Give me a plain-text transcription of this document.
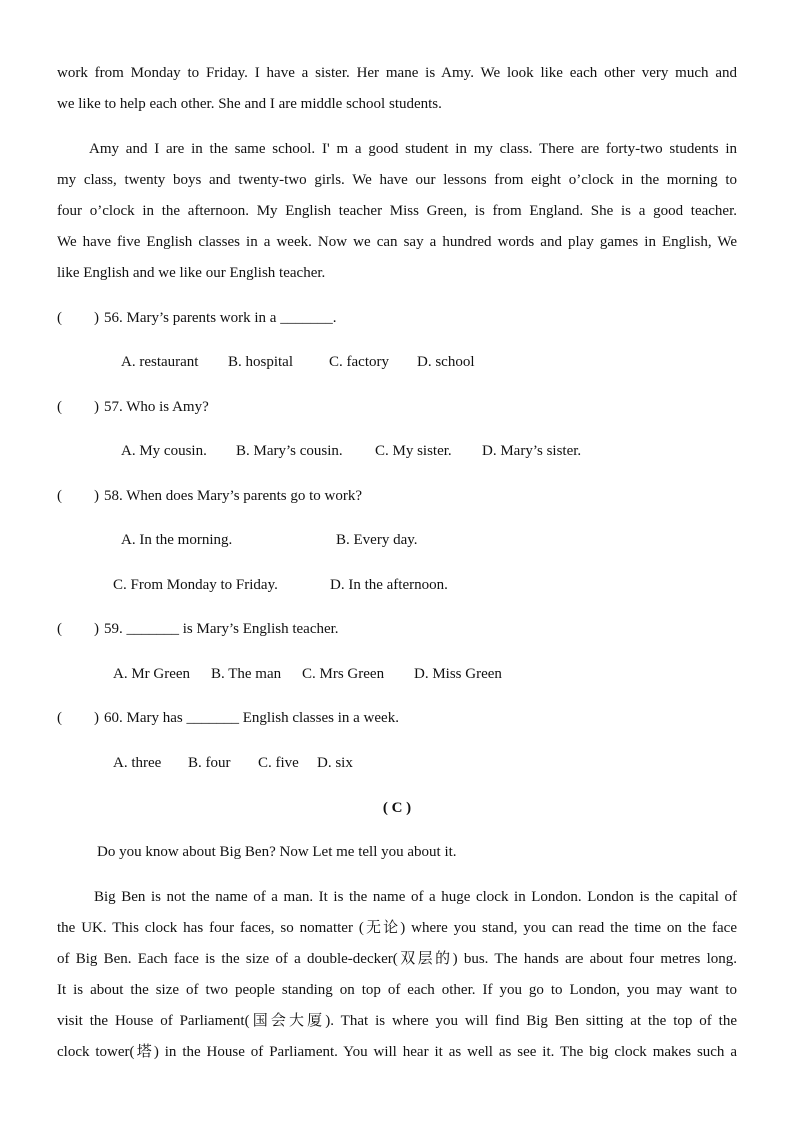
work from Monday to Friday. I have a sister. Her mane is Amy. We look like each other very much and
we like to help each other. She and I are middle school students.
Amy and I are in the same school. I' m a good student in my class. There are forty-two students in
my class, twenty boys and twenty-two girls. We have our lessons from eight o’clock in the morning to
four o’clock in the afternoon. My English teacher Miss Green, is from England. She is a good teacher.
We have five English classes in a week. Now we can say a hundred words and play games in English, We
like English and we like our English teacher.
( ) 56. Mary’s parents work in a _______.
A. restaurant B. hospital C. factory D. school
( ) 57. Who is Amy?
A. My cousin. B. Mary’s cousin. C. My sister. D. Mary’s sister.
( ) 58. When does Mary’s parents go to work?
A. In the morning.	B. Every day.
C. From Monday to Friday.	D. In the afternoon.
( ) 59. _______ is Mary’s English teacher.
A. Mr Green B. The man C. Mrs Green D. Miss Green
( ) 60. Mary has _______ English classes in a week.
A. three B. four C. five D. six
( C )
Do you know about Big Ben? Now Let me tell you about it.
Big Ben is not the name of a man. It is the name of a huge clock in London. London is the capital of
the UK. This clock has four faces, so nomatter (无论) where you stand, you can read the time on the face
of Big Ben. Each face is the size of a double-decker(双层的) bus. The hands are about four metres long.
It is about the size of two people standing on top of each other. If you go to London, you may want to
visit the House of Parliament(国会大厦). That is where you will find Big Ben sitting at the top of the
clock tower(塔) in the House of Parliament. You will hear it as well as see it. The big clock makes such a
